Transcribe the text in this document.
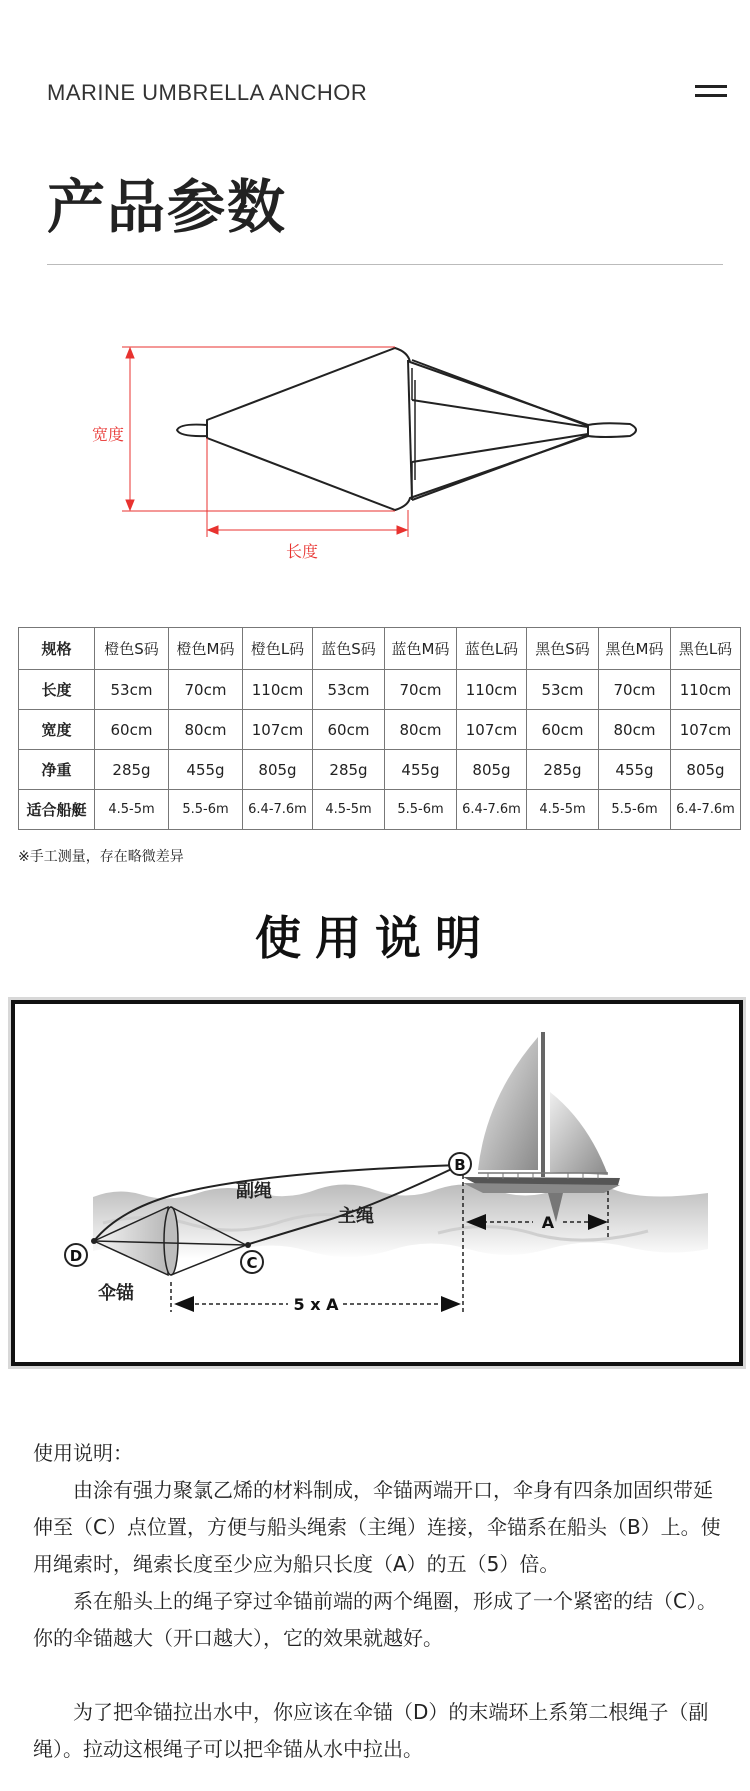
MARINE UMBRELLA ANCHOR
产品参数
宽度
长度
规格	橙色S码	橙色M码	橙色L码	蓝色S码	蓝色M码	蓝色L码	黑色S码	黑色M码	黑色L码
长度	53cm	70cm	110cm	53cm	70cm	110cm	53cm	70cm	110cm
宽度	60cm	80cm	107cm	60cm	80cm	107cm	60cm	80cm	107cm
净重	285g	455g	805g	285g	455g	805g	285g	455g	805g
适合船艇	4.5-5m	5.5-6m	6.4-7.6m	4.5-5m	5.5-6m	6.4-7.6m	4.5-5m	5.5-6m	6.4-7.6m
※手工测量，存在略微差异
使用说明
B
C
D
副绳
主绳
伞锚
A
5 x A

使用说明：

由涂有强力聚氯乙烯的材料制成，伞锚两端开口，伞身有四条加固织带延伸至（C）点位置，方便与船头绳索（主绳）连接，伞锚系在船头（B）上。使用绳索时，绳索长度至少应为船只长度（A）的五（5）倍。

系在船头上的绳子穿过伞锚前端的两个绳圈，形成了一个紧密的结（C）。你的伞锚越大（开口越大），它的效果就越好。

为了把伞锚拉出水中，你应该在伞锚（D）的末端环上系第二根绳子（副绳）。拉动这根绳子可以把伞锚从水中拉出。
